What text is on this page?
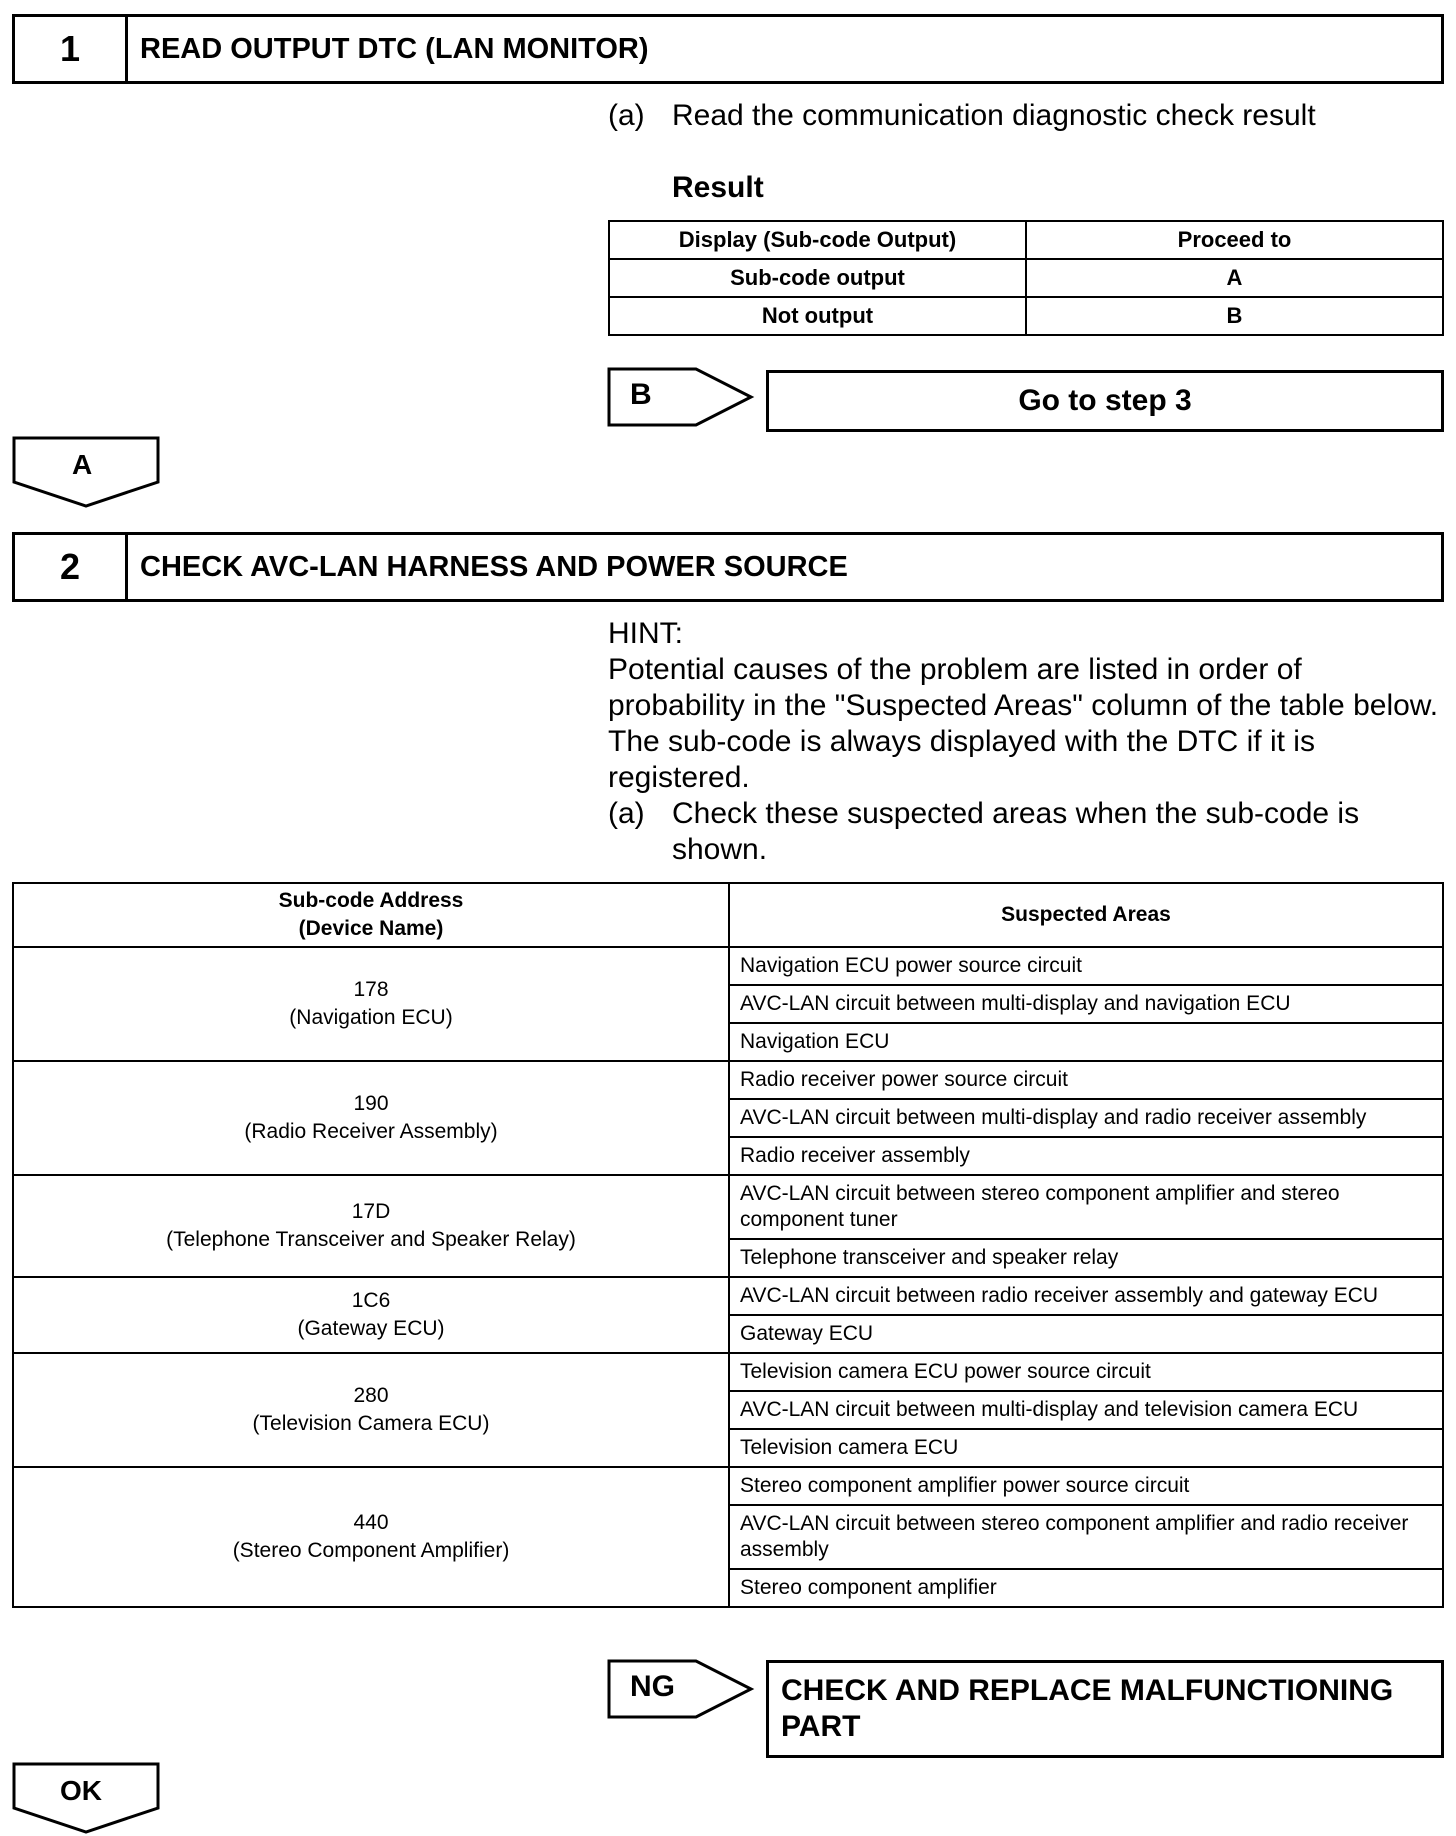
1	READ OUTPUT DTC (LAN MONITOR)
(a) Read the communication diagnostic check result
Result
Display (Sub-code Output)	Proceed to
Sub-code output	A
Not output	B
B	Go to step 3
A
2	CHECK AVC-LAN HARNESS AND POWER SOURCE
HINT:
Potential causes of the problem are listed in order of probability in the "Suspected Areas" column of the table below. The sub-code is always displayed with the DTC if it is registered.
(a) Check these suspected areas when the sub-code is shown.
Sub-code Address
(Device Name)	Suspected Areas
178
(Navigation ECU)	Navigation ECU power source circuit
	AVC-LAN circuit between multi-display and navigation ECU
	Navigation ECU
190
(Radio Receiver Assembly)	Radio receiver power source circuit
	AVC-LAN circuit between multi-display and radio receiver assembly
	Radio receiver assembly
17D
(Telephone Transceiver and Speaker Relay)	AVC-LAN circuit between stereo component amplifier and stereo component tuner
	Telephone transceiver and speaker relay
1C6
(Gateway ECU)	AVC-LAN circuit between radio receiver assembly and gateway ECU
	Gateway ECU
280
(Television Camera ECU)	Television camera ECU power source circuit
	AVC-LAN circuit between multi-display and television camera ECU
	Television camera ECU
440
(Stereo Component Amplifier)	Stereo component amplifier power source circuit
	AVC-LAN circuit between stereo component amplifier and radio receiver assembly
	Stereo component amplifier
NG	CHECK AND REPLACE MALFUNCTIONING PART
OK
